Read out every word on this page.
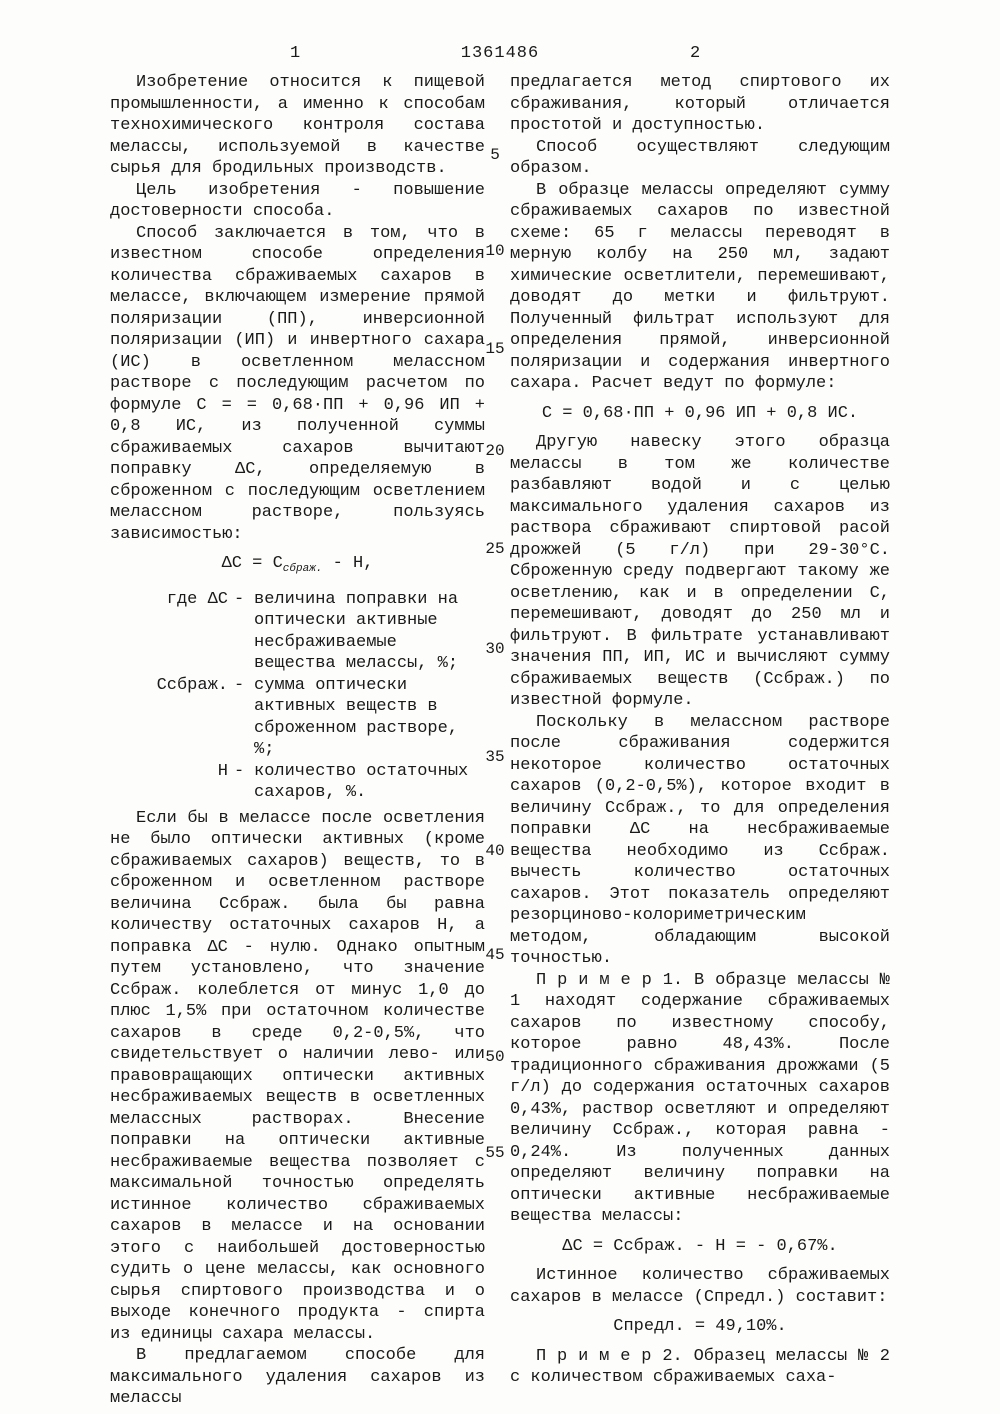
1	1361486	2
5
10
15
20
25
30
35
40
45
50
55

Изобретение относится к пищевой промышленности, а именно к способам технохимического контроля состава мелассы, используемой в качестве сырья для бродильных производств.

Цель изобретения - повышение достоверности способа.

Способ заключается в том, что в известном способе определения количества сбраживаемых сахаров в мелассе, включающем измерение прямой поляризации (ПП), инверсионной поляризации (ИП) и инвертного сахара (ИС) в осветленном мелассном растворе с последующим расчетом по формуле С = = 0,68·ПП + 0,96 ИП + 0,8 ИС, из полученной суммы сбраживаемых сахаров вычитают поправку ΔС, определяемую в сброженном с последующим осветлением мелассном растворе, пользуясь зависимостью:

$\Delta С = С_{сбраж.} - Н$,
где ΔС - величина поправки на оптически активные несбраживаемые вещества мелассы, %;
Ссбраж. - сумма оптически активных веществ в сброженном растворе, %;
Н - количество остаточных сахаров, %.

Если бы в мелассе после осветления не было оптически активных (кроме сбраживаемых сахаров) веществ, то в сброженном и осветленном растворе величина Ссбраж. была бы равна количеству остаточных сахаров Н, а поправка ΔС - нулю. Однако опытным путем установлено, что значение Ссбраж. колеблется от минус 1,0 до плюс 1,5% при остаточном количестве сахаров в среде 0,2-0,5%, что свидетельствует о наличии лево- или правовращающих оптически активных несбраживаемых веществ в осветленных мелассных растворах. Внесение поправки на оптически активные несбраживаемые вещества позволяет с максимальной точностью определять истинное количество сбраживаемых сахаров в мелассе и на основании этого с наибольшей достоверностью судить о цене мелассы, как основного сырья спиртового производства и о выходе конечного продукта - спирта из единицы сахара мелассы.

В предлагаемом способе для максимального удаления сахаров из мелассы

предлагается метод спиртового их сбраживания, который отличается простотой и доступностью.

Способ осуществляют следующим образом.

В образце мелассы определяют сумму сбраживаемых сахаров по известной схеме: 65 г мелассы переводят в мерную колбу на 250 мл, задают химические осветлители, перемешивают, доводят до метки и фильтруют. Полученный фильтрат используют для определения прямой, инверсионной поляризации и содержания инвертного сахара. Расчет ведут по формуле:

С = 0,68·ПП + 0,96 ИП + 0,8 ИС.

Другую навеску этого образца мелассы в том же количестве разбавляют водой и с целью максимального удаления сахаров из раствора сбраживают спиртовой расой дрожжей (5 г/л) при 29-30°С. Сброженную среду подвергают такому же осветлению, как и в определении С, перемешивают, доводят до 250 мл и фильтруют. В фильтрате устанавливают значения ПП, ИП, ИС и вычисляют сумму сбраживаемых веществ (Ссбраж.) по известной формуле.

Поскольку в мелассном растворе после сбраживания содержится некоторое количество остаточных сахаров (0,2-0,5%), которое входит в величину Ссбраж., то для определения поправки ΔС на несбраживаемые вещества необходимо из Ссбраж. вычесть количество остаточных сахаров. Этот показатель определяют резорциново-колориметрическим методом, обладающим высокой точностью.

П р и м е р 1. В образце мелассы № 1 находят содержание сбраживаемых сахаров по известному способу, которое равно 48,43%. После традиционного сбраживания дрожжами (5 г/л) до содержания остаточных сахаров 0,43%, раствор осветляют и определяют величину Ссбраж., которая равна - 0,24%. Из полученных данных определяют величину поправки на оптически активные несбраживаемые вещества мелассы:

ΔС = Ссбраж. - Н = - 0,67%.

Истинное количество сбраживаемых сахаров в мелассе (Спредл.) составит:

Спредл. = 49,10%.

П р и м е р 2. Образец мелассы № 2 с количеством сбраживаемых саха-
